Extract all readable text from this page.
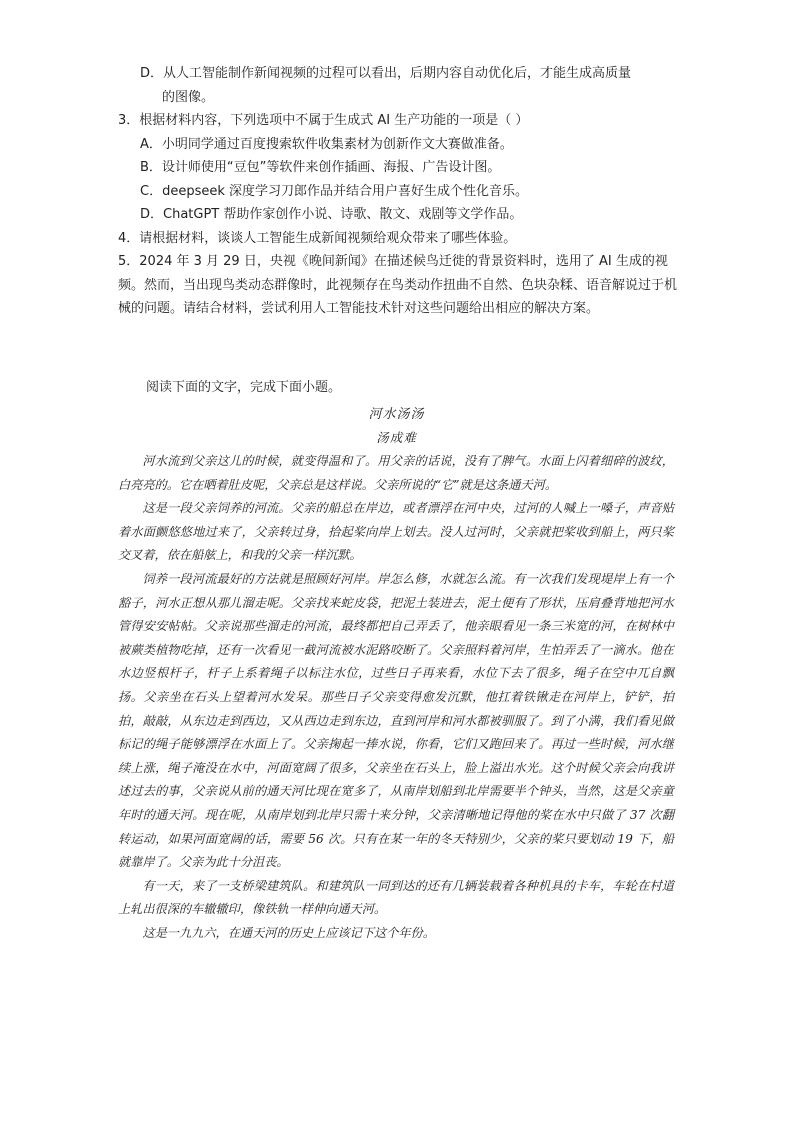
D．从人工智能制作新闻视频的过程可以看出，后期内容自动优化后，才能生成高质量
的图像。

3．根据材料内容，下列选项中不属于生成式 AI 生产功能的一项是（ ）

A．小明同学通过百度搜索软件收集素材为创新作文大赛做准备。

B．设计师使用“豆包”等软件来创作插画、海报、广告设计图。

C．deepseek 深度学习刀郎作品并结合用户喜好生成个性化音乐。

D．ChatGPT 帮助作家创作小说、诗歌、散文、戏剧等文学作品。

4．请根据材料，谈谈人工智能生成新闻视频给观众带来了哪些体验。

5．2024 年 3 月 29 日，央视《晚间新闻》在描述候鸟迁徙的背景资料时，选用了 AI 生成的视频。然而，当出现鸟类动态群像时，此视频存在鸟类动作扭曲不自然、色块杂糅、语音解说过于机械的问题。请结合材料，尝试利用人工智能技术针对这些问题给出相应的解决方案。

阅读下面的文字，完成下面小题。
河水汤汤
汤成难

河水流到父亲这儿的时候，就变得温和了。用父亲的话说，没有了脾气。水面上闪着细碎的波纹，白亮亮的。它在晒着肚皮呢，父亲总是这样说。父亲所说的“它”就是这条通天河。

这是一段父亲饲养的河流。父亲的船总在岸边，或者漂浮在河中央，过河的人喊上一嗓子，声音贴着水面颤悠悠地过来了，父亲转过身，拾起桨向岸上划去。没人过河时，父亲就把桨收到船上，两只桨交叉着，依在船舷上，和我的父亲一样沉默。

饲养一段河流最好的方法就是照顾好河岸。岸怎么修，水就怎么流。有一次我们发现堤岸上有一个豁子，河水正想从那儿溜走呢。父亲找来蛇皮袋，把泥土装进去，泥土便有了形状，压肩叠背地把河水管得安安帖帖。父亲说那些溜走的河流，最终都把自己弄丢了，他亲眼看见一条三米宽的河，在树林中被蕨类植物吃掉，还有一次看见一截河流被水泥路咬断了。父亲照料着河岸，生怕弄丢了一滴水。他在水边竖根杆子，杆子上系着绳子以标注水位，过些日子再来看，水位下去了很多，绳子在空中兀自飘扬。父亲坐在石头上望着河水发呆。那些日子父亲变得愈发沉默，他扛着铁锹走在河岸上，铲铲，拍拍，敲敲，从东边走到西边，又从西边走到东边，直到河岸和河水都被驯服了。到了小满，我们看见做标记的绳子能够漂浮在水面上了。父亲掬起一捧水说，你看，它们又跑回来了。再过一些时候，河水继续上涨，绳子淹没在水中，河面宽阔了很多，父亲坐在石头上，脸上溢出水光。这个时候父亲会向我讲述过去的事，父亲说从前的通天河比现在宽多了，从南岸划船到北岸需要半个钟头，当然，这是父亲童年时的通天河。现在呢，从南岸划到北岸只需十来分钟，父亲清晰地记得他的桨在水中只做了 37 次翻转运动，如果河面宽阔的话，需要 56 次。只有在某一年的冬天特别少，父亲的桨只要划动 19 下，船就靠岸了。父亲为此十分沮丧。

有一天，来了一支桥梁建筑队。和建筑队一同到达的还有几辆装载着各种机具的卡车，车轮在村道上轧出很深的车辙辙印，像铁轨一样伸向通天河。

这是一九九六，在通天河的历史上应该记下这个年份。
